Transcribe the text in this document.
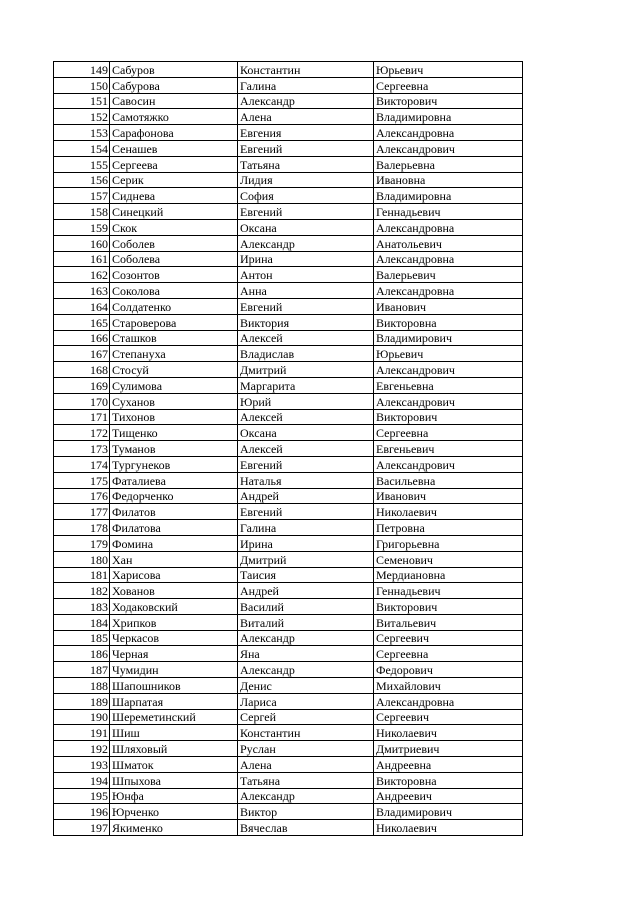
149	Сабуров	Константин	Юрьевич
150	Сабурова	Галина	Сергеевна
151	Савосин	Александр	Викторович
152	Самотяжко	Алена	Владимировна
153	Сарафонова	Евгения	Александровна
154	Сенашев	Евгений	Александрович
155	Сергеева	Татьяна	Валерьевна
156	Серик	Лидия	Ивановна
157	Сиднева	София	Владимировна
158	Синецкий	Евгений	Геннадьевич
159	Скок	Оксана	Александровна
160	Соболев	Александр	Анатольевич
161	Соболева	Ирина	Александровна
162	Созонтов	Антон	Валерьевич
163	Соколова	Анна	Александровна
164	Солдатенко	Евгений	Иванович
165	Староверова	Виктория	Викторовна
166	Сташков	Алексей	Владимирович
167	Степануха	Владислав	Юрьевич
168	Стосуй	Дмитрий	Александрович
169	Сулимова	Маргарита	Евгеньевна
170	Суханов	Юрий	Александрович
171	Тихонов	Алексей	Викторович
172	Тищенко	Оксана	Сергеевна
173	Туманов	Алексей	Евгеньевич
174	Тургунеков	Евгений	Александрович
175	Фаталиева	Наталья	Васильевна
176	Федорченко	Андрей	Иванович
177	Филатов	Евгений	Николаевич
178	Филатова	Галина	Петровна
179	Фомина	Ирина	Григорьевна
180	Хан	Дмитрий	Семенович
181	Харисова	Таисия	Мердиановна
182	Хованов	Андрей	Геннадьевич
183	Ходаковский	Василий	Викторович
184	Хрипков	Виталий	Витальевич
185	Черкасов	Александр	Сергеевич
186	Черная	Яна	Сергеевна
187	Чумидин	Александр	Федорович
188	Шапошников	Денис	Михайлович
189	Шарпатая	Лариса	Александровна
190	Шереметинский	Сергей	Сергеевич
191	Шиш	Константин	Николаевич
192	Шляховый	Руслан	Дмитриевич
193	Шматок	Алена	Андреевна
194	Шпыхова	Татьяна	Викторовна
195	Юнфа	Александр	Андреевич
196	Юрченко	Виктор	Владимирович
197	Якименко	Вячеслав	Николаевич
